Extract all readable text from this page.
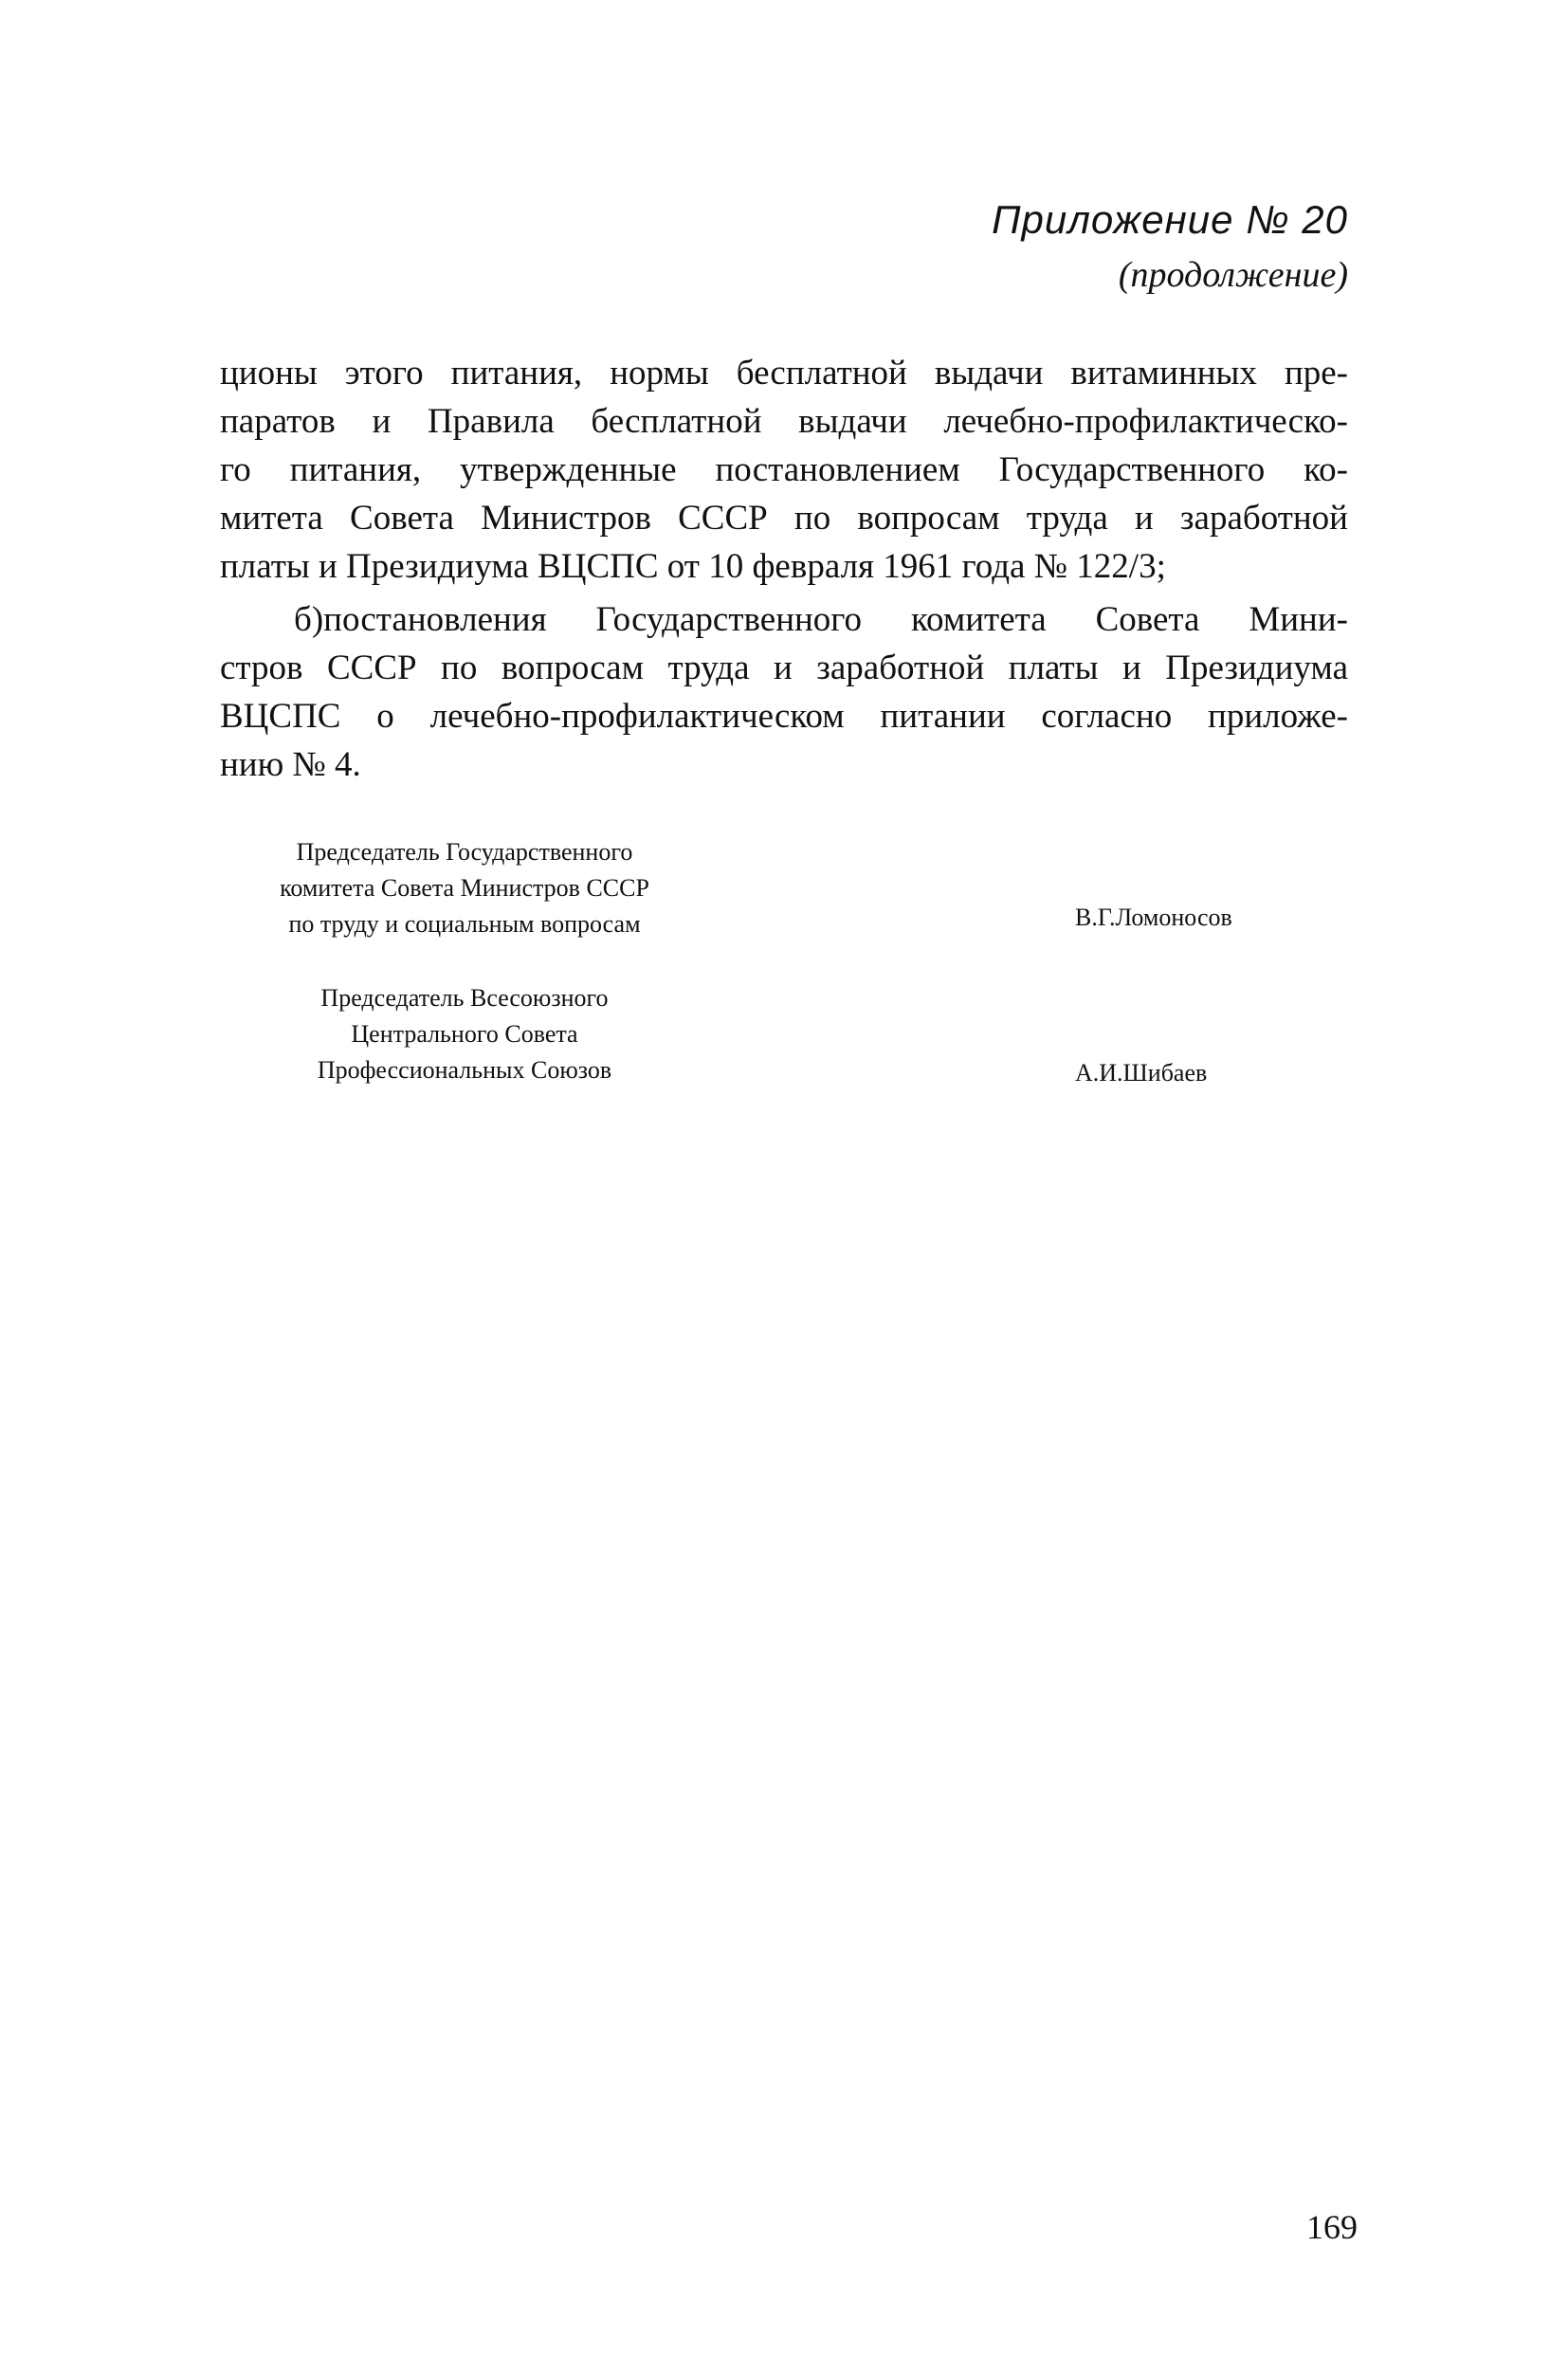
Приложение № 20
(продолжение)
ционы этого питания, нормы бесплатной выдачи витаминных пре-
паратов и Правила бесплатной выдачи лечебно-профилактическо-
го питания, утвержденные постановлением Государственного ко-
митета Совета Министров СССР по вопросам труда и заработной
платы и Президиума ВЦСПС от 10 февраля 1961 года № 122/3;
б)постановления Государственного комитета Совета Мини-
стров СССР по вопросам труда и заработной платы и Президиума
ВЦСПС о лечебно-профилактическом питании согласно приложе-
нию № 4.
Председатель Государственного
комитета Совета Министров СССР
по труду и социальным вопросам	В.Г.Ломоносов
Председатель Всесоюзного
Центрального Совета
Профессиональных Союзов	А.И.Шибаев
169
